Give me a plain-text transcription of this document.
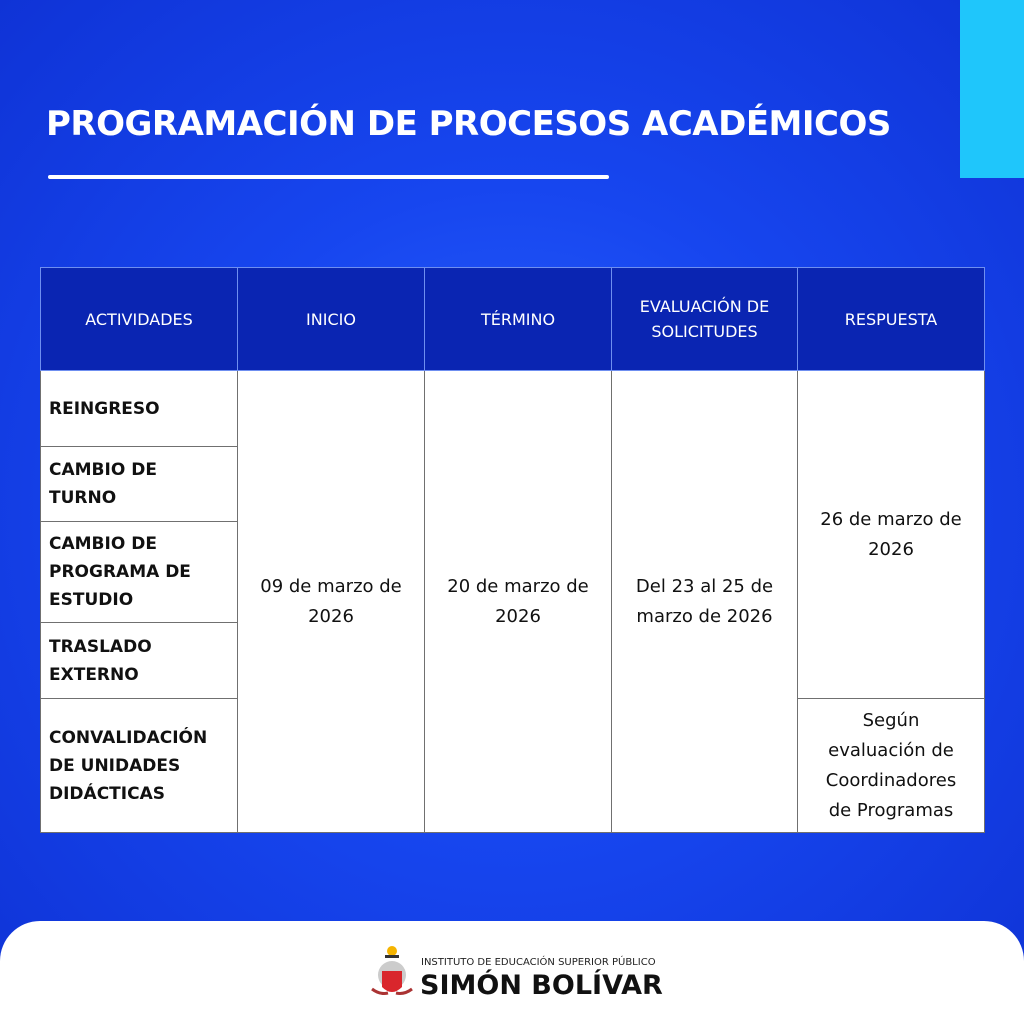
PROGRAMACIÓN DE PROCESOS ACADÉMICOS
ACTIVIDADES	INICIO	TÉRMINO	EVALUACIÓN DE SOLICITUDES	RESPUESTA
REINGRESO	09 de marzo de 2026	20 de marzo de 2026	Del 23 al 25 de marzo de 2026	26 de marzo de 2026
CAMBIO DE TURNO				
CAMBIO DE PROGRAMA DE ESTUDIO				
TRASLADO EXTERNO				
CONVALIDACIÓN DE UNIDADES DIDÁCTICAS				Según evaluación de Coordinadores de Programas
INSTITUTO DE EDUCACIÓN SUPERIOR PÚBLICO
SIMÓN BOLÍVAR
